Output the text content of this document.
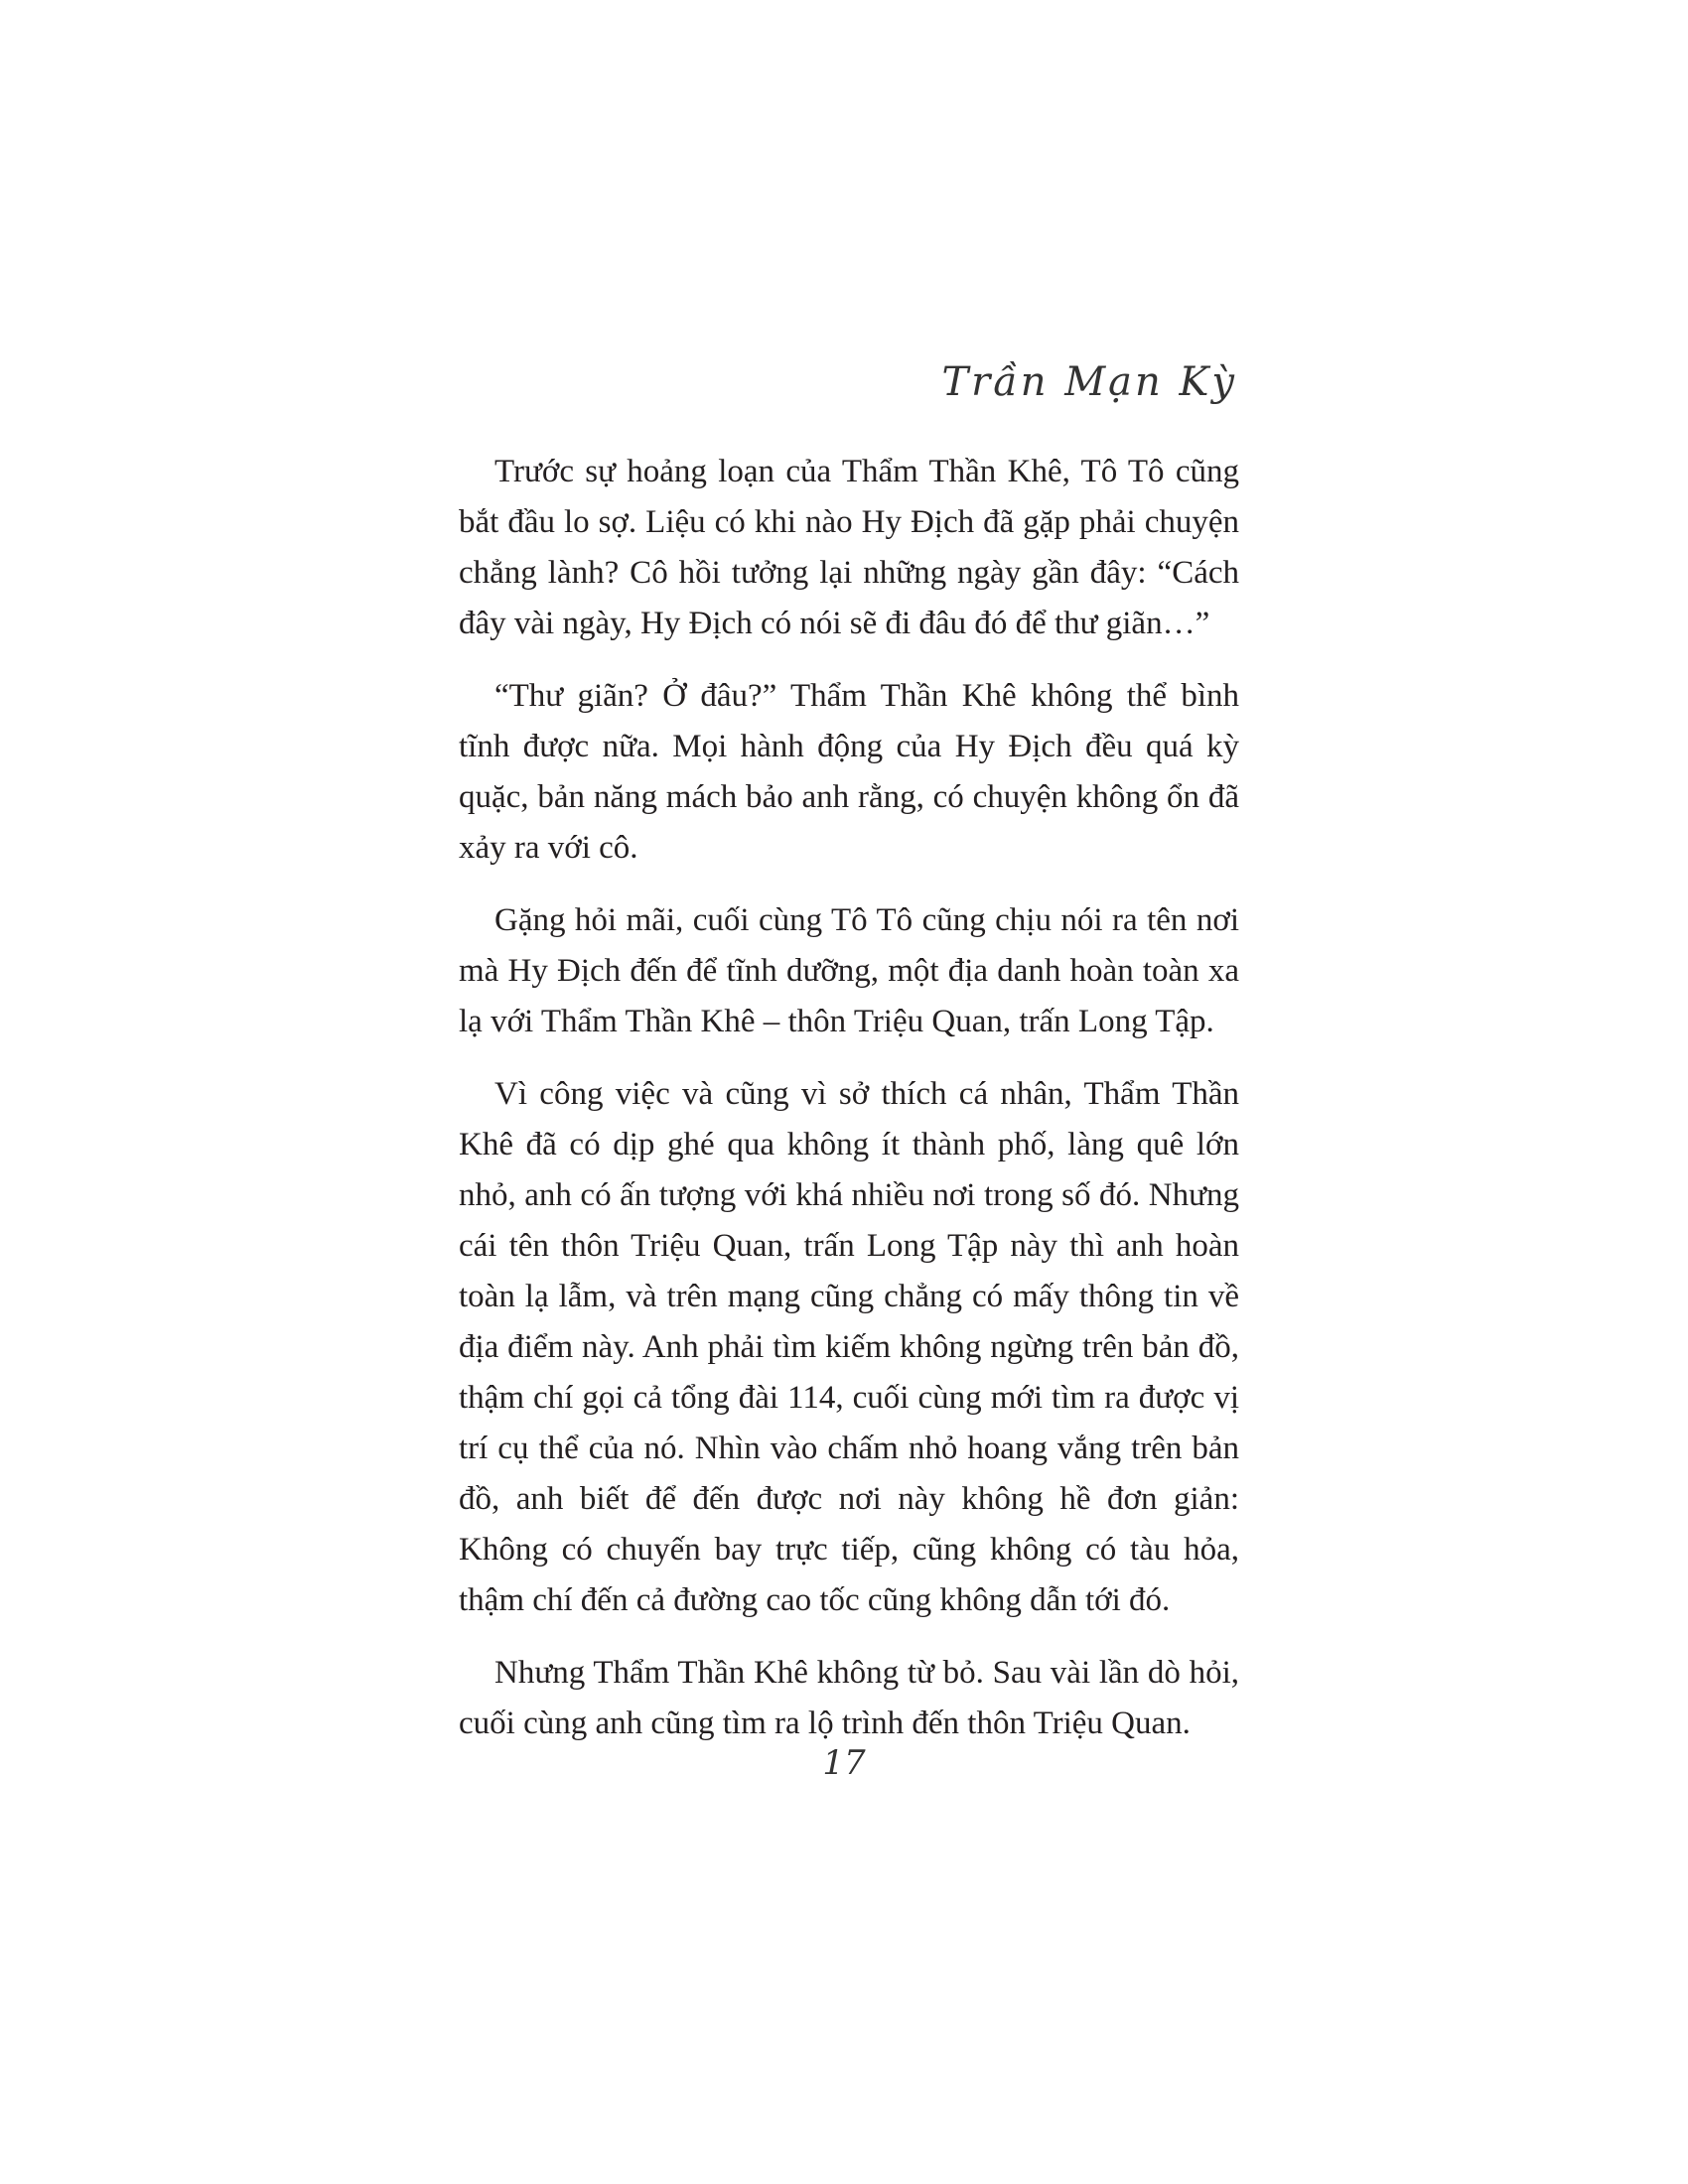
Trần Mạn Kỳ

Trước sự hoảng loạn của Thẩm Thần Khê, Tô Tô cũng bắt đầu lo sợ. Liệu có khi nào Hy Địch đã gặp phải chuyện chẳng lành? Cô hồi tưởng lại những ngày gần đây: “Cách đây vài ngày, Hy Địch có nói sẽ đi đâu đó để thư giãn…”

“Thư giãn? Ở đâu?” Thẩm Thần Khê không thể bình tĩnh được nữa. Mọi hành động của Hy Địch đều quá kỳ quặc, bản năng mách bảo anh rằng, có chuyện không ổn đã xảy ra với cô.

Gặng hỏi mãi, cuối cùng Tô Tô cũng chịu nói ra tên nơi mà Hy Địch đến để tĩnh dưỡng, một địa danh hoàn toàn xa lạ với Thẩm Thần Khê – thôn Triệu Quan, trấn Long Tập.

Vì công việc và cũng vì sở thích cá nhân, Thẩm Thần Khê đã có dịp ghé qua không ít thành phố, làng quê lớn nhỏ, anh có ấn tượng với khá nhiều nơi trong số đó. Nhưng cái tên thôn Triệu Quan, trấn Long Tập này thì anh hoàn toàn lạ lẫm, và trên mạng cũng chẳng có mấy thông tin về địa điểm này. Anh phải tìm kiếm không ngừng trên bản đồ, thậm chí gọi cả tổng đài 114, cuối cùng mới tìm ra được vị trí cụ thể của nó. Nhìn vào chấm nhỏ hoang vắng trên bản đồ, anh biết để đến được nơi này không hề đơn giản: Không có chuyến bay trực tiếp, cũng không có tàu hỏa, thậm chí đến cả đường cao tốc cũng không dẫn tới đó.

Nhưng Thẩm Thần Khê không từ bỏ. Sau vài lần dò hỏi, cuối cùng anh cũng tìm ra lộ trình đến thôn Triệu Quan.

17
